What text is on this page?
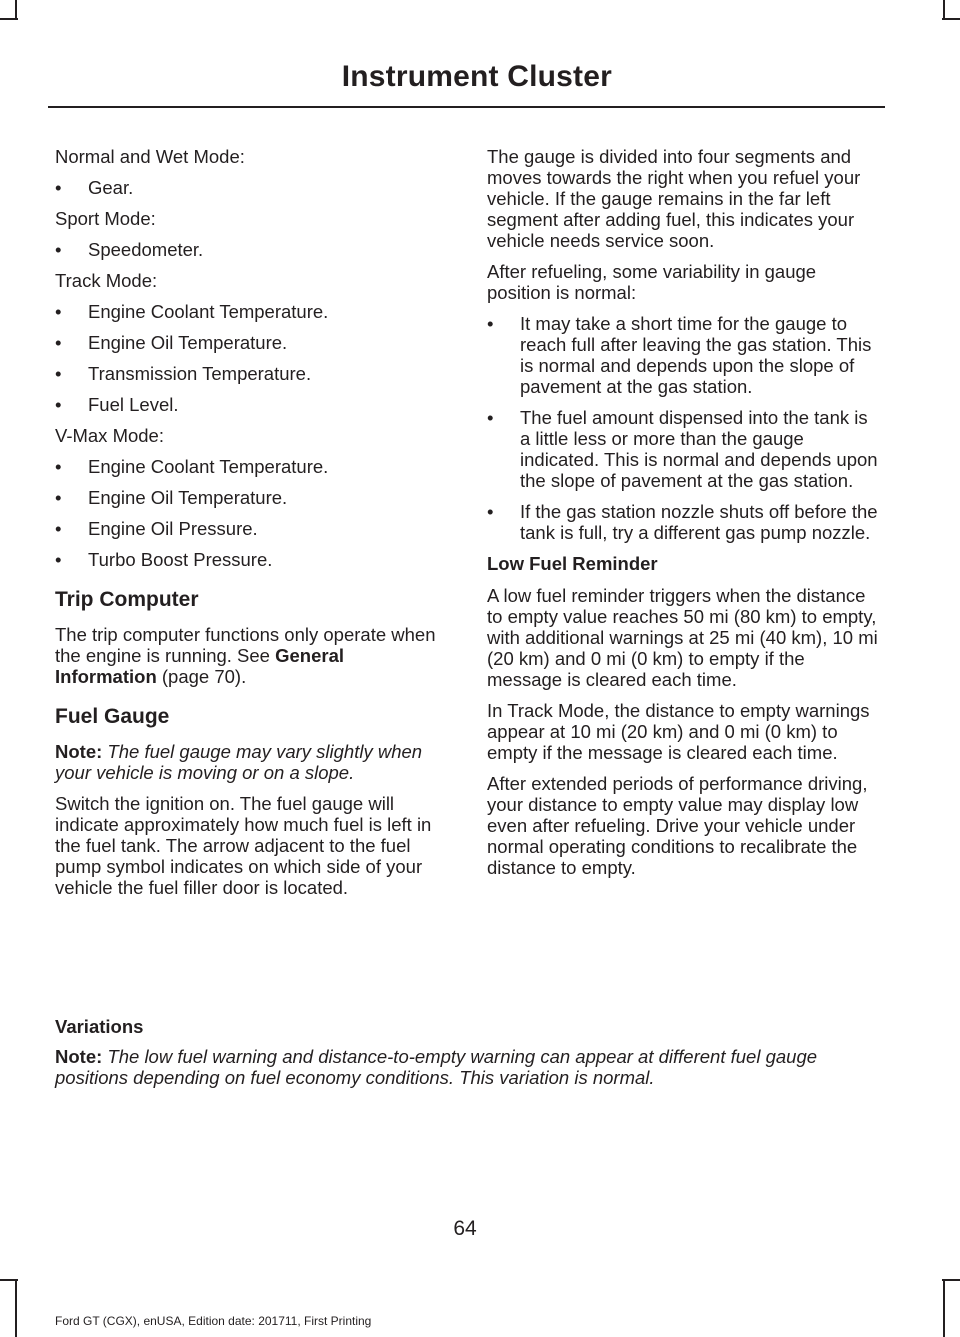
Instrument Cluster

Normal and Wet Mode:

•	Gear.

Sport Mode:

•	Speedometer.

Track Mode:

•	Engine Coolant Temperature.

•	Engine Oil Temperature.

•	Transmission Temperature.

•	Fuel Level.

V-Max Mode:

•	Engine Coolant Temperature.

•	Engine Oil Temperature.

•	Engine Oil Pressure.

•	Turbo Boost Pressure.

Trip Computer

The trip computer functions only operate when the engine is running. See General Information (page 70).

Fuel Gauge

Note: The fuel gauge may vary slightly when your vehicle is moving or on a slope.

Switch the ignition on. The fuel gauge will indicate approximately how much fuel is left in the fuel tank. The arrow adjacent to the fuel pump symbol indicates on which side of your vehicle the fuel filler door is located.

The gauge is divided into four segments and moves towards the right when you refuel your vehicle. If the gauge remains in the far left segment after adding fuel, this indicates your vehicle needs service soon.

After refueling, some variability in gauge position is normal:

•	It may take a short time for the gauge to reach full after leaving the gas station. This is normal and depends upon the slope of pavement at the gas station.

•	The fuel amount dispensed into the tank is a little less or more than the gauge indicated. This is normal and depends upon the slope of pavement at the gas station.

•	If the gas station nozzle shuts off before the tank is full, try a different gas pump nozzle.

Low Fuel Reminder

A low fuel reminder triggers when the distance to empty value reaches 50 mi (80 km) to empty, with additional warnings at 25 mi (40 km), 10 mi (20 km) and 0 mi (0 km) to empty if the message is cleared each time.

In Track Mode, the distance to empty warnings appear at 10 mi (20 km) and 0 mi (0 km) to empty if the message is cleared each time.

After extended periods of performance driving, your distance to empty value may display low even after refueling. Drive your vehicle under normal operating conditions to recalibrate the distance to empty.

Variations

Note: The low fuel warning and distance-to-empty warning can appear at different fuel gauge positions depending on fuel economy conditions. This variation is normal.

64
Ford GT (CGX), enUSA, Edition date: 201711, First Printing
